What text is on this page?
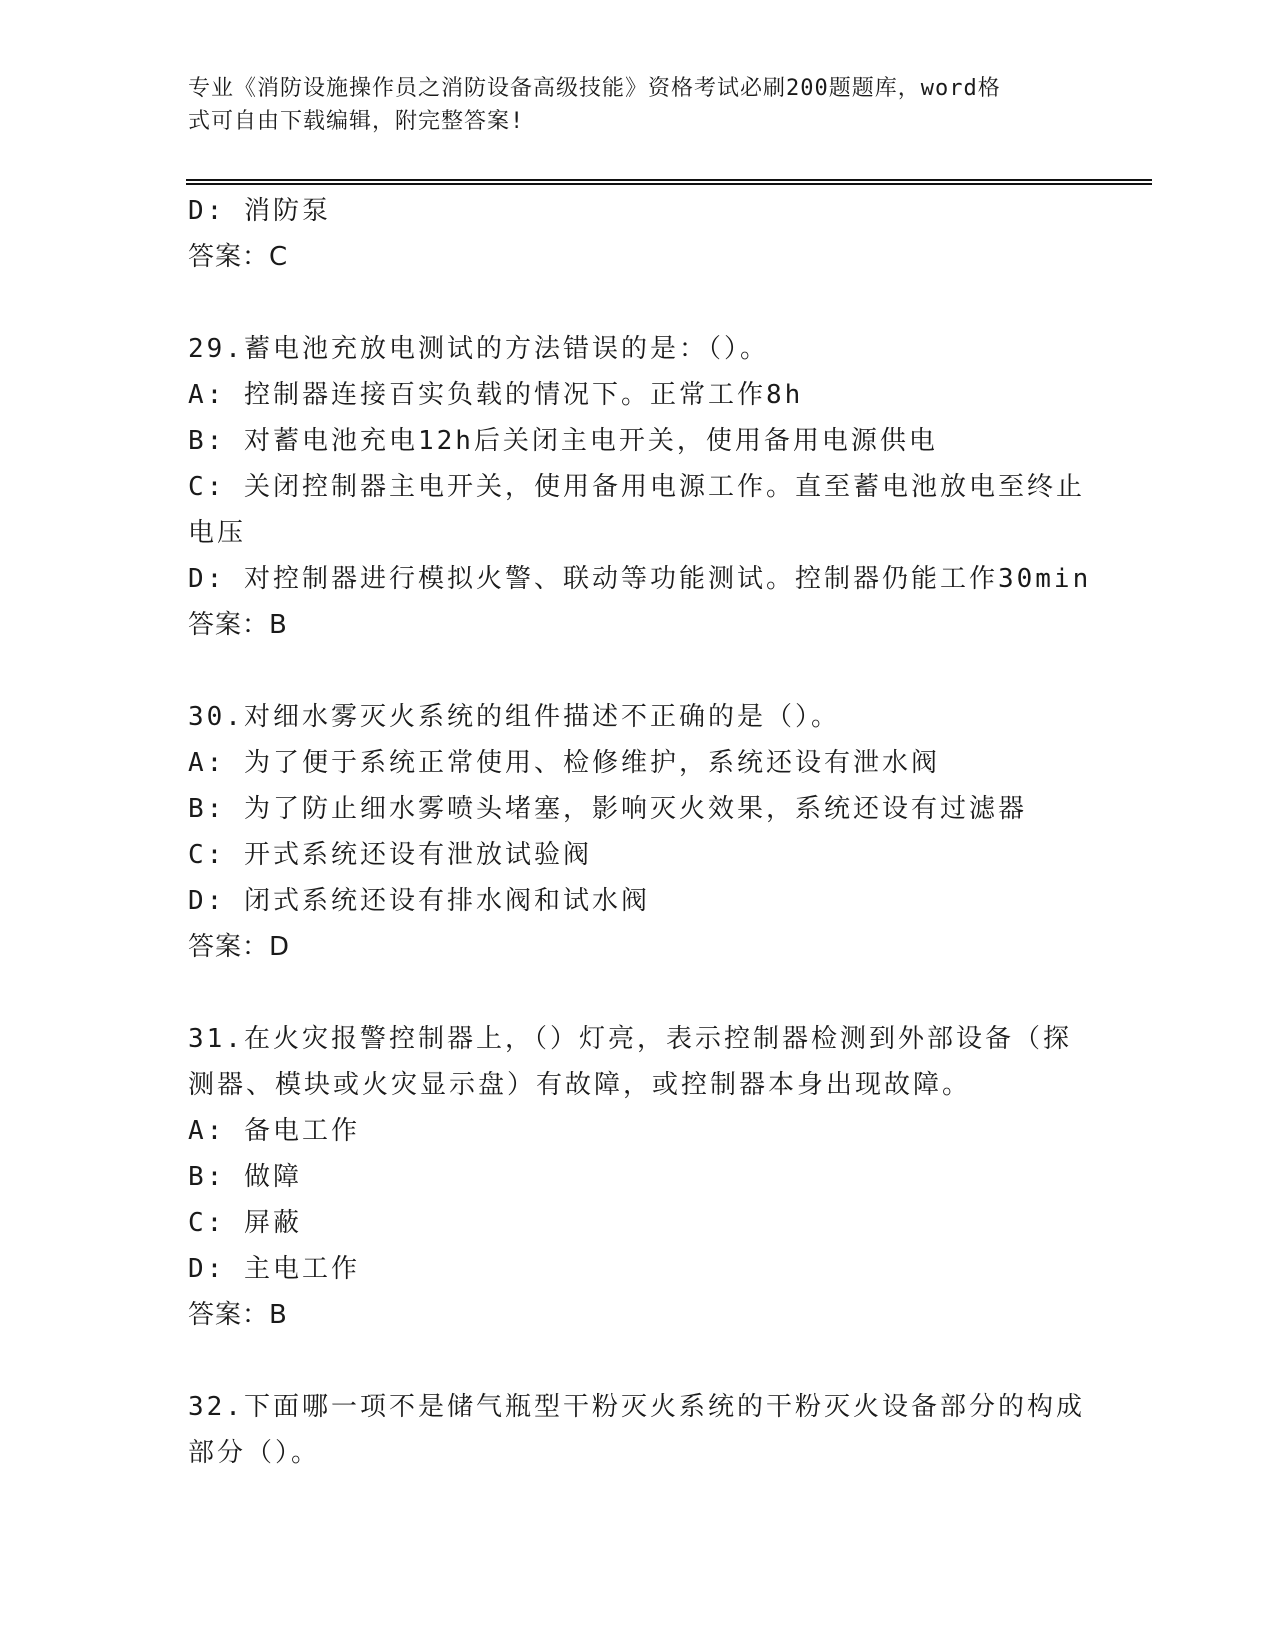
专业《消防设施操作员之消防设备高级技能》资格考试必刷200题题库，word格
式可自由下载编辑，附完整答案!
D: 消防泵
答案：C
29.蓄电池充放电测试的方法错误的是：（）。
A: 控制器连接百实负载的情况下。正常工作8h
B: 对蓄电池充电12h后关闭主电开关，使用备用电源供电
C: 关闭控制器主电开关，使用备用电源工作。直至蓄电池放电至终止
电压
D: 对控制器进行模拟火警、联动等功能测试。控制器仍能工作30min
答案：B
30.对细水雾灭火系统的组件描述不正确的是（）。
A: 为了便于系统正常使用、检修维护，系统还设有泄水阀
B: 为了防止细水雾喷头堵塞，影响灭火效果，系统还设有过滤器
C: 开式系统还设有泄放试验阀
D: 闭式系统还设有排水阀和试水阀
答案：D
31.在火灾报警控制器上，（）灯亮，表示控制器检测到外部设备（探
测器、模块或火灾显示盘）有故障，或控制器本身出现故障。
A: 备电工作
B: 做障
C: 屏蔽
D: 主电工作
答案：B
32.下面哪一项不是储气瓶型干粉灭火系统的干粉灭火设备部分的构成
部分（）。
